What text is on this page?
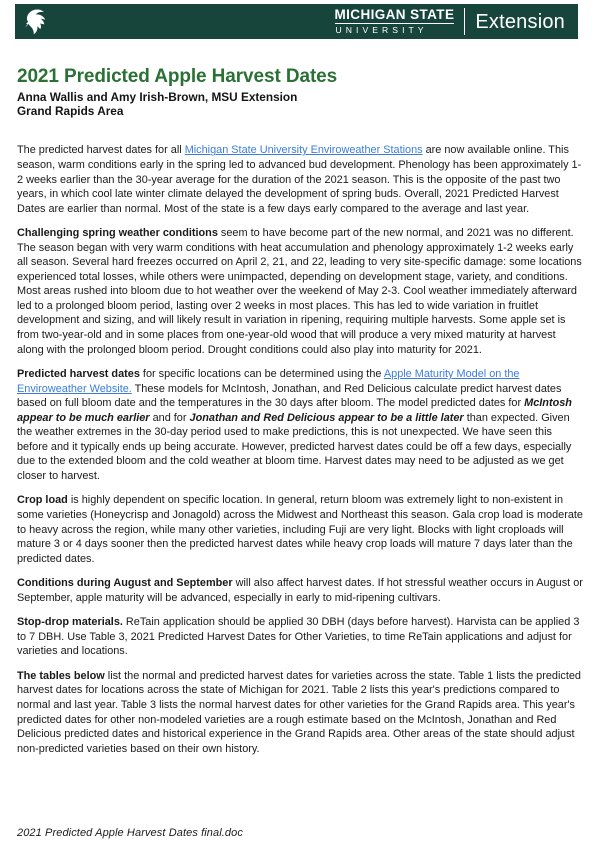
MICHIGAN STATE
UNIVERSITY	Extension
2021 Predicted Apple Harvest Dates
Anna Wallis and Amy Irish-Brown, MSU Extension
Grand Rapids Area

The predicted harvest dates for all Michigan State University Enviroweather Stations are now available online. This season, warm conditions early in the spring led to advanced bud development. Phenology has been approximately 1-2 weeks earlier than the 30-year average for the duration of the 2021 season. This is the opposite of the past two years, in which cool late winter climate delayed the development of spring buds. Overall, 2021 Predicted Harvest Dates are earlier than normal. Most of the state is a few days early compared to the average and last year.

Challenging spring weather conditions seem to have become part of the new normal, and 2021 was no different. The season began with very warm conditions with heat accumulation and phenology approximately 1-2 weeks early all season. Several hard freezes occurred on April 2, 21, and 22, leading to very site-specific damage: some locations experienced total losses, while others were unimpacted, depending on development stage, variety, and conditions. Most areas rushed into bloom due to hot weather over the weekend of May 2-3. Cool weather immediately afterward led to a prolonged bloom period, lasting over 2 weeks in most places. This has led to wide variation in fruitlet development and sizing, and will likely result in variation in ripening, requiring multiple harvests. Some apple set is from two-year-old and in some places from one-year-old wood that will produce a very mixed maturity at harvest along with the prolonged bloom period. Drought conditions could also play into maturity for 2021.

Predicted harvest dates for specific locations can be determined using the Apple Maturity Model on the Enviroweather Website. These models for McIntosh, Jonathan, and Red Delicious calculate predict harvest dates based on full bloom date and the temperatures in the 30 days after bloom. The model predicted dates for McIntosh appear to be much earlier and for Jonathan and Red Delicious appear to be a little later than expected. Given the weather extremes in the 30-day period used to make predictions, this is not unexpected. We have seen this before and it typically ends up being accurate. However, predicted harvest dates could be off a few days, especially due to the extended bloom and the cold weather at bloom time. Harvest dates may need to be adjusted as we get closer to harvest.

Crop load is highly dependent on specific location. In general, return bloom was extremely light to non-existent in some varieties (Honeycrisp and Jonagold) across the Midwest and Northeast this season. Gala crop load is moderate to heavy across the region, while many other varieties, including Fuji are very light. Blocks with light croploads will mature 3 or 4 days sooner then the predicted harvest dates while heavy crop loads will mature 7 days later than the predicted dates.

Conditions during August and September will also affect harvest dates. If hot stressful weather occurs in August or September, apple maturity will be advanced, especially in early to mid-ripening cultivars.

Stop-drop materials. ReTain application should be applied 30 DBH (days before harvest). Harvista can be applied 3 to 7 DBH. Use Table 3, 2021 Predicted Harvest Dates for Other Varieties, to time ReTain applications and adjust for varieties and locations.

The tables below list the normal and predicted harvest dates for varieties across the state. Table 1 lists the predicted harvest dates for locations across the state of Michigan for 2021. Table 2 lists this year's predictions compared to normal and last year. Table 3 lists the normal harvest dates for other varieties for the Grand Rapids area. This year's predicted dates for other non-modeled varieties are a rough estimate based on the McIntosh, Jonathan and Red Delicious predicted dates and historical experience in the Grand Rapids area. Other areas of the state should adjust non-predicted varieties based on their own history.

2021 Predicted Apple Harvest Dates final.doc
